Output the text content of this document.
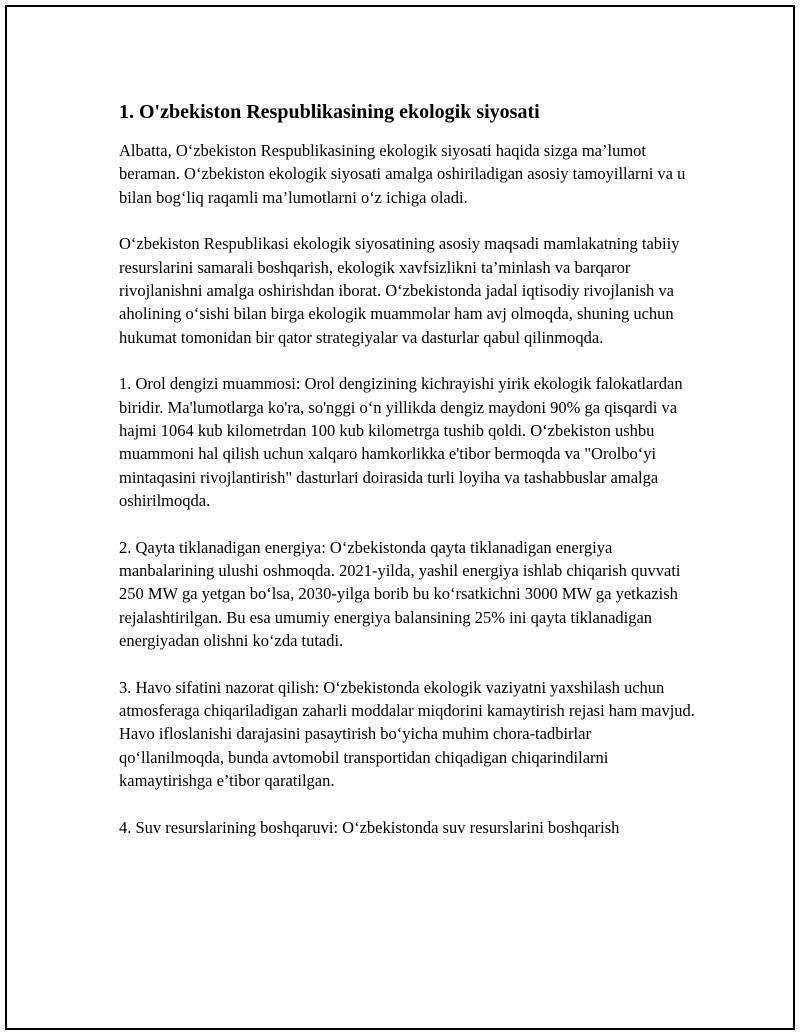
1. O'zbekiston Respublikasining ekologik siyosati

Albatta, O‘zbekiston Respublikasining ekologik siyosati haqida sizga ma’lumot beraman. O‘zbekiston ekologik siyosati amalga oshiriladigan asosiy tamoyillarni va u bilan bog‘liq raqamli ma’lumotlarni o‘z ichiga oladi.

O‘zbekiston Respublikasi ekologik siyosatining asosiy maqsadi mamlakatning tabiiy resurslarini samarali boshqarish, ekologik xavfsizlikni ta’minlash va barqaror rivojlanishni amalga oshirishdan iborat. O‘zbekistonda jadal iqtisodiy rivojlanish va aholining o‘sishi bilan birga ekologik muammolar ham avj olmoqda, shuning uchun hukumat tomonidan bir qator strategiyalar va dasturlar qabul qilinmoqda.

1. Orol dengizi muammosi: Orol dengizining kichrayishi yirik ekologik falokatlardan biridir. Ma'lumotlarga ko'ra, so'nggi o‘n yillikda dengiz maydoni 90% ga qisqardi va hajmi 1064 kub kilometrdan 100 kub kilometrga tushib qoldi. O‘zbekiston ushbu muammoni hal qilish uchun xalqaro hamkorlikka e'tibor bermoqda va "Orolbo‘yi mintaqasini rivojlantirish" dasturlari doirasida turli loyiha va tashabbuslar amalga oshirilmoqda.

2. Qayta tiklanadigan energiya: O‘zbekistonda qayta tiklanadigan energiya manbalarining ulushi oshmoqda. 2021-yilda, yashil energiya ishlab chiqarish quvvati 250 MW ga yetgan bo‘lsa, 2030-yilga borib bu ko‘rsatkichni 3000 MW ga yetkazish rejalashtirilgan. Bu esa umumiy energiya balansining 25% ini qayta tiklanadigan energiyadan olishni ko‘zda tutadi.

3. Havo sifatini nazorat qilish: O‘zbekistonda ekologik vaziyatni yaxshilash uchun atmosferaga chiqariladigan zaharli moddalar miqdorini kamaytirish rejasi ham mavjud. Havo ifloslanishi darajasini pasaytirish bo‘yicha muhim chora-tadbirlar qo‘llanilmoqda, bunda avtomobil transportidan chiqadigan chiqarindilarni kamaytirishga e’tibor qaratilgan.

4. Suv resurslarining boshqaruvi: O‘zbekistonda suv resurslarini boshqarish
